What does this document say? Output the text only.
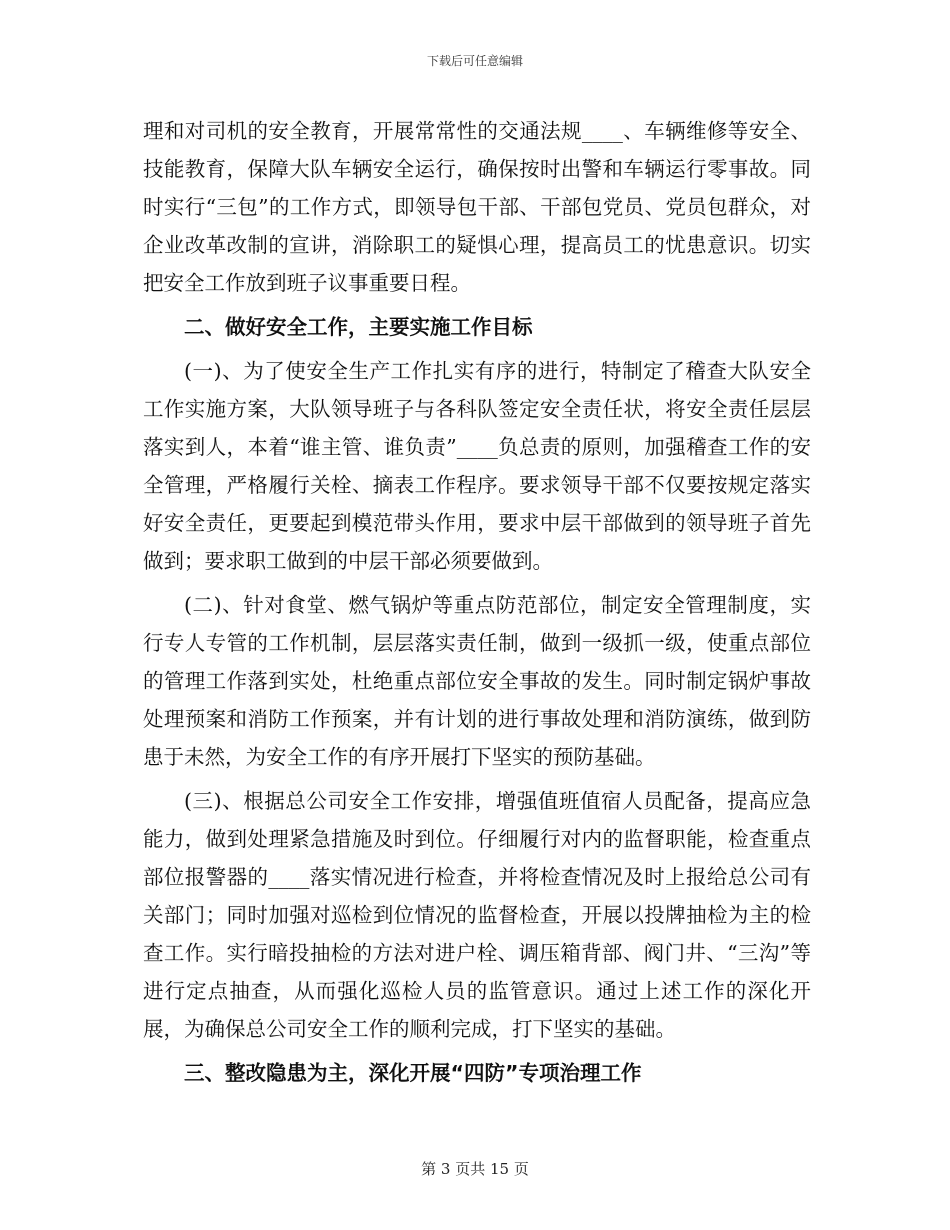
下载后可任意编辑

理和对司机的安全教育，开展常常性的交通法规____、车辆维修等安全、技能教育，保障大队车辆安全运行，确保按时出警和车辆运行零事故。同时实行“三包”的工作方式，即领导包干部、干部包党员、党员包群众，对企业改革改制的宣讲，消除职工的疑惧心理，提高员工的忧患意识。切实把安全工作放到班子议事重要日程。

二、做好安全工作，主要实施工作目标

(一)、为了使安全生产工作扎实有序的进行，特制定了稽查大队安全工作实施方案，大队领导班子与各科队签定安全责任状，将安全责任层层落实到人，本着“谁主管、谁负责”____负总责的原则，加强稽查工作的安全管理，严格履行关栓、摘表工作程序。要求领导干部不仅要按规定落实好安全责任，更要起到模范带头作用，要求中层干部做到的领导班子首先做到；要求职工做到的中层干部必须要做到。

(二)、针对食堂、燃气锅炉等重点防范部位，制定安全管理制度，实行专人专管的工作机制，层层落实责任制，做到一级抓一级，使重点部位的管理工作落到实处，杜绝重点部位安全事故的发生。同时制定锅炉事故处理预案和消防工作预案，并有计划的进行事故处理和消防演练，做到防患于未然，为安全工作的有序开展打下坚实的预防基础。

(三)、根据总公司安全工作安排，增强值班值宿人员配备，提高应急能力，做到处理紧急措施及时到位。仔细履行对内的监督职能，检查重点部位报警器的____落实情况进行检查，并将检查情况及时上报给总公司有关部门；同时加强对巡检到位情况的监督检查，开展以投牌抽检为主的检查工作。实行暗投抽检的方法对进户栓、调压箱背部、阀门井、“三沟”等进行定点抽查，从而强化巡检人员的监管意识。通过上述工作的深化开展，为确保总公司安全工作的顺利完成，打下坚实的基础。

三、整改隐患为主，深化开展“四防”专项治理工作

第 3 页共 15 页
